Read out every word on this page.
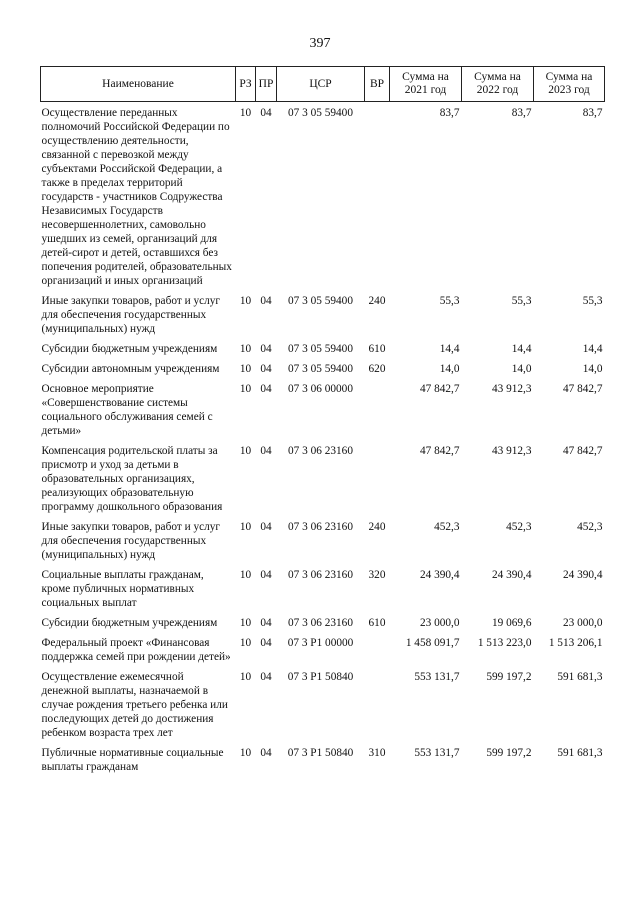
397
Наименование	РЗ	ПР	ЦСР	ВР	Сумма на 2021 год	Сумма на 2022 год	Сумма на 2023 год
Осуществление переданных полномочий Российской Федерации по осуществлению деятельности, связанной с перевозкой между субъектами Российской Федерации, а также в пределах территорий государств - участников Содружества Независимых Государств несовершеннолетних, самовольно ушедших из семей, организаций для детей-сирот и детей, оставшихся без попечения родителей, образовательных организаций и иных организаций	10	04	07 3 05 59400		83,7	83,7	83,7
Иные закупки товаров, работ и услуг для обеспечения государственных (муниципальных) нужд	10	04	07 3 05 59400	240	55,3	55,3	55,3
Субсидии бюджетным учреждениям	10	04	07 3 05 59400	610	14,4	14,4	14,4
Субсидии автономным учреждениям	10	04	07 3 05 59400	620	14,0	14,0	14,0
Основное мероприятие «Совершенствование системы социального обслуживания семей с детьми»	10	04	07 3 06 00000		47 842,7	43 912,3	47 842,7
Компенсация родительской платы за присмотр и уход за детьми в образовательных организациях, реализующих образовательную программу дошкольного образования	10	04	07 3 06 23160		47 842,7	43 912,3	47 842,7
Иные закупки товаров, работ и услуг для обеспечения государственных (муниципальных) нужд	10	04	07 3 06 23160	240	452,3	452,3	452,3
Социальные выплаты гражданам, кроме публичных нормативных социальных выплат	10	04	07 3 06 23160	320	24 390,4	24 390,4	24 390,4
Субсидии бюджетным учреждениям	10	04	07 3 06 23160	610	23 000,0	19 069,6	23 000,0
Федеральный проект «Финансовая поддержка семей при рождении детей»	10	04	07 3 P1 00000		1 458 091,7	1 513 223,0	1 513 206,1
Осуществление ежемесячной денежной выплаты, назначаемой в случае рождения третьего ребенка или последующих детей до достижения ребенком возраста трех лет	10	04	07 3 P1 50840		553 131,7	599 197,2	591 681,3
Публичные нормативные социальные выплаты гражданам	10	04	07 3 P1 50840	310	553 131,7	599 197,2	591 681,3
